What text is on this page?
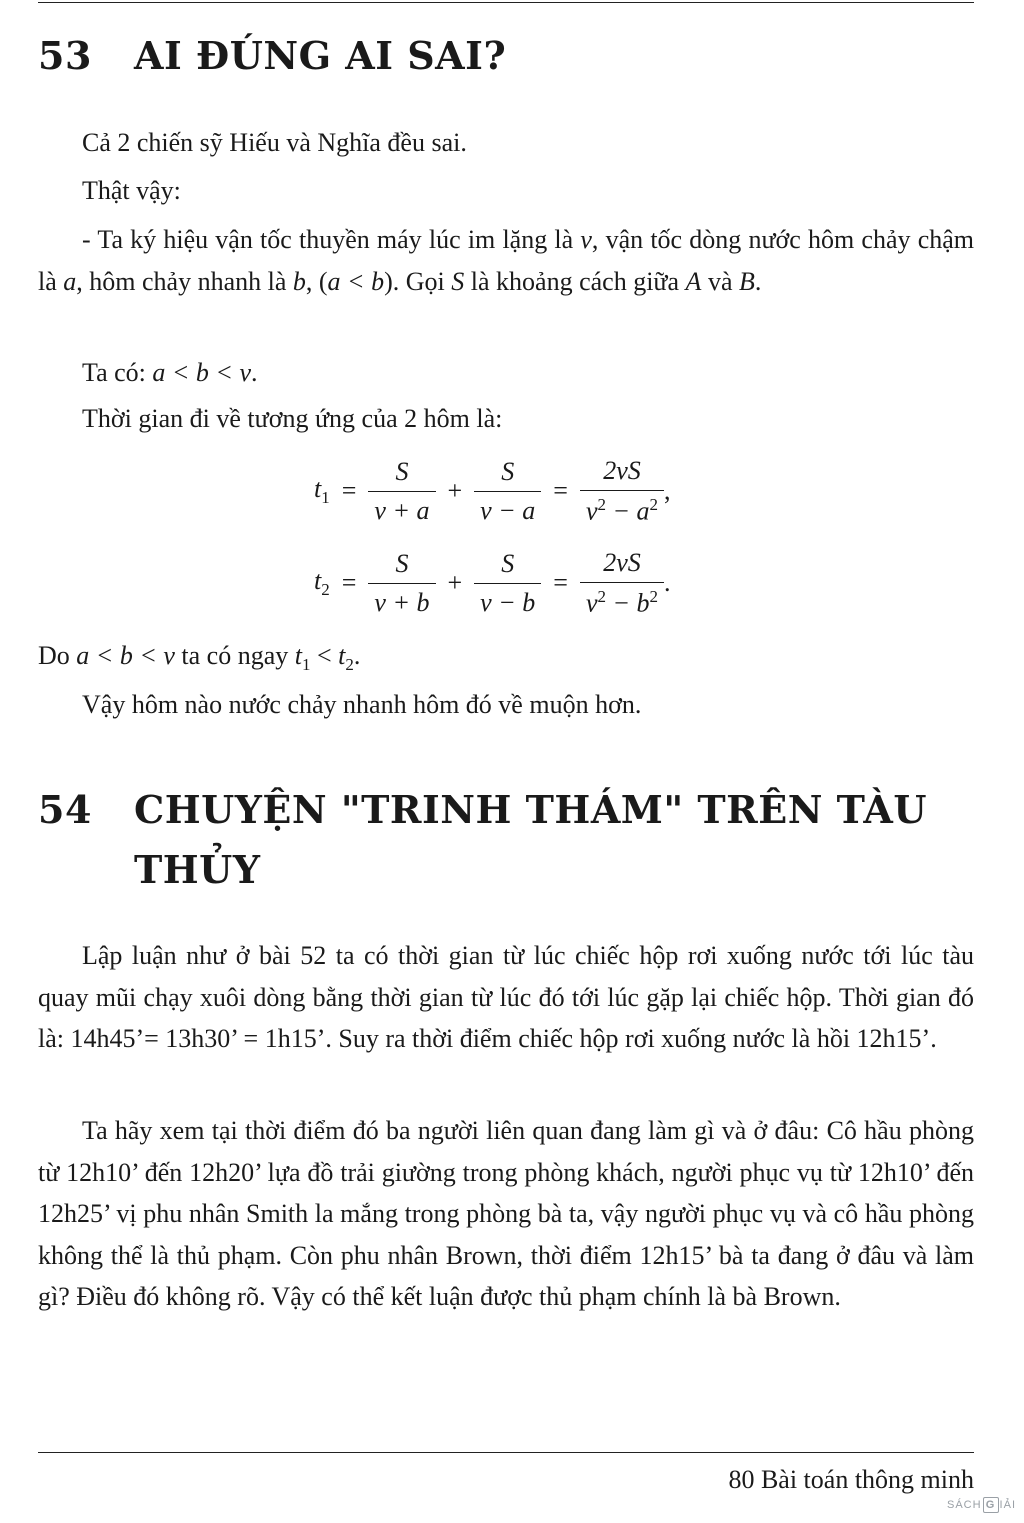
53 AI ĐÚNG AI SAI?

Cả 2 chiến sỹ Hiếu và Nghĩa đều sai.

Thật vậy:

- Ta ký hiệu vận tốc thuyền máy lúc im lặng là v, vận tốc dòng nước hôm chảy chậm là a, hôm chảy nhanh là b, (a < b). Gọi S là khoảng cách giữa A và B.

Ta có: a < b < v.

Thời gian đi về tương ứng của 2 hôm là:

$t_1 = \frac{S}{v + a} + \frac{S}{v - a} = \frac{2vS}{v^2 - a^2}$ ,
$t_2 = \frac{S}{v + b} + \frac{S}{v - b} = \frac{2vS}{v^2 - b^2}$ .

Do a < b < v ta có ngay $t_1 < t_2$.

Vậy hôm nào nước chảy nhanh hôm đó về muộn hơn.

54 CHUYỆN "TRINH THÁM" TRÊN TÀU
THỦY

Lập luận như ở bài 52 ta có thời gian từ lúc chiếc hộp rơi xuống nước tới lúc tàu quay mũi chạy xuôi dòng bằng thời gian từ lúc đó tới lúc gặp lại chiếc hộp. Thời gian đó là: 14h45’= 13h30’ = 1h15’. Suy ra thời điểm chiếc hộp rơi xuống nước là hồi 12h15’.

Ta hãy xem tại thời điểm đó ba người liên quan đang làm gì và ở đâu: Cô hầu phòng từ 12h10’ đến 12h20’ lựa đồ trải giường trong phòng khách, người phục vụ từ 12h10’ đến 12h25’ vị phu nhân Smith la mắng trong phòng bà ta, vậy người phục vụ và cô hầu phòng không thể là thủ phạm. Còn phu nhân Brown, thời điểm 12h15’ bà ta đang ở đâu và làm gì? Điều đó không rõ. Vậy có thể kết luận được thủ phạm chính là bà Brown.

80 Bài toán thông minh

SÁCH G IẢI
